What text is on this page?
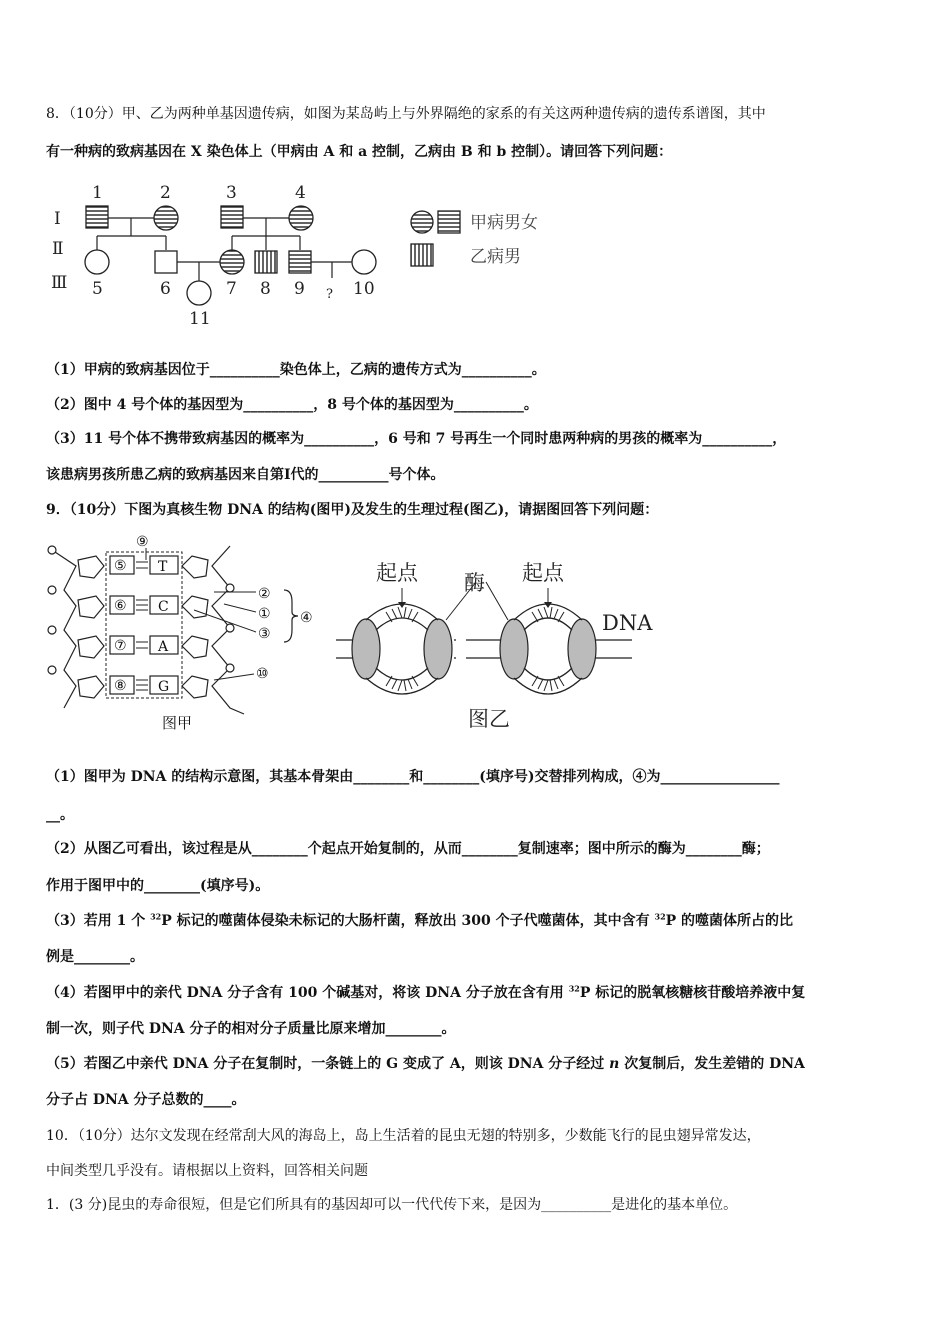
8．（10分）甲、乙为两种单基因遗传病，如图为某岛屿上与外界隔绝的家系的有关这两种遗传病的遗传系谱图，其中
有一种病的致病基因在 X 染色体上（甲病由 A 和 a 控制，乙病由 B 和 b 控制）。请回答下列问题：
Ⅰ
Ⅱ
Ⅲ
1	2	3	4
5	6	7 8 9	10
11
?
甲病男女
乙病男
（1）甲病的致病基因位于__________染色体上，乙病的遗传方式为__________。
（2）图中 4 号个体的基因型为__________，8 号个体的基因型为__________。
（3）11 号个体不携带致病基因的概率为__________，6 号和 7 号再生一个同时患两种病的男孩的概率为__________，
该患病男孩所患乙病的致病基因来自第Ⅰ代的__________号个体。
9．（10分）下图为真核生物 DNA 的结构(图甲)及发生的生理过程(图乙)，请据图回答下列问题：
⑤
⑥
⑦
⑧
T
C
A
G
⑨
②
①
③
④
⑩
图甲
起点 酶 起点
DNA
图乙
（1）图甲为 DNA 的结构示意图，其基本骨架由________和________(填序号)交替排列构成，④为_________________
__。
（2）从图乙可看出，该过程是从________个起点开始复制的，从而________复制速率；图中所示的酶为________酶；
作用于图甲中的________(填序号)。
（3）若用 1 个 $^{32}$P 标记的噬菌体侵染未标记的大肠杆菌，释放出 300 个子代噬菌体，其中含有 $^{32}$P 的噬菌体所占的比
例是________。
（4）若图甲中的亲代 DNA 分子含有 100 个碱基对，将该 DNA 分子放在含有用 $^{32}$P 标记的脱氧核糖核苷酸培养液中复
制一次，则子代 DNA 分子的相对分子质量比原来增加________。
（5）若图乙中亲代 DNA 分子在复制时，一条链上的 G 变成了 A，则该 DNA 分子经过 n 次复制后，发生差错的 DNA
分子占 DNA 分子总数的____。
10．（10分）达尔文发现在经常刮大风的海岛上，岛上生活着的昆虫无翅的特别多，少数能飞行的昆虫翅异常发达，
中间类型几乎没有。请根据以上资料，回答相关问题
1．(3 分)昆虫的寿命很短，但是它们所具有的基因却可以一代代传下来，是因为__________是进化的基本单位。
